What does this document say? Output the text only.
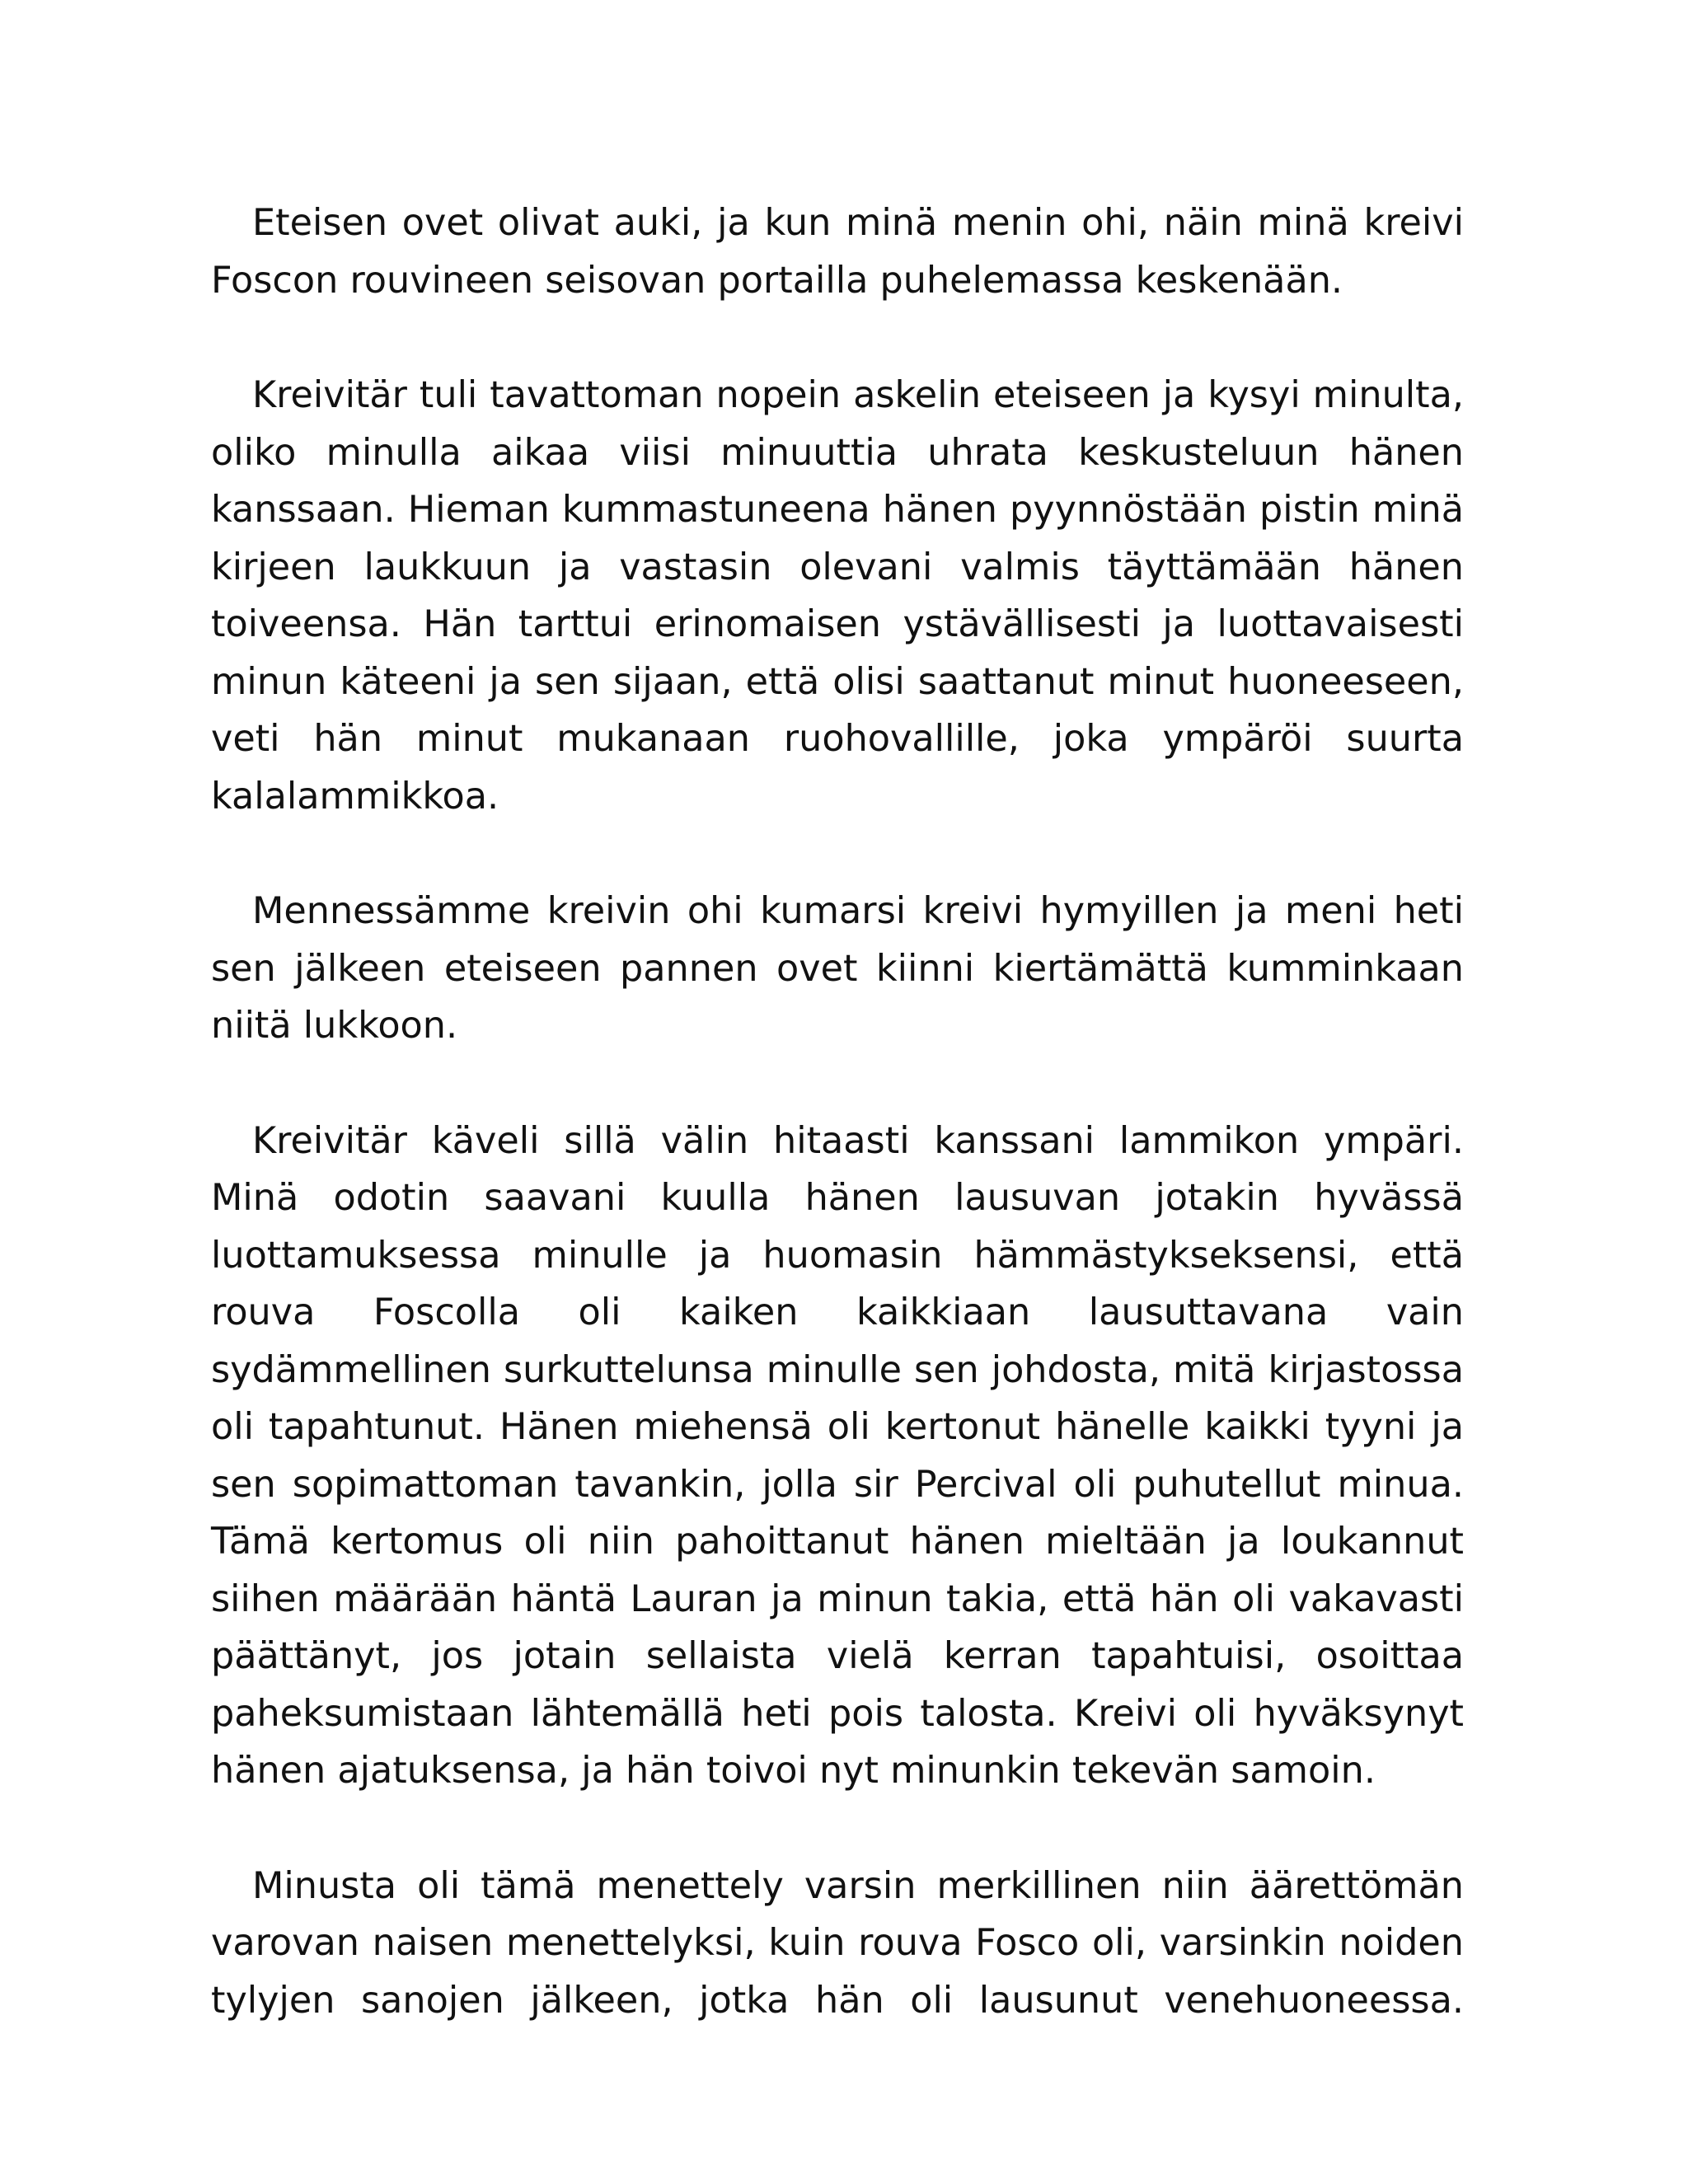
Eteisen ovet olivat auki, ja kun minä menin ohi, näin minä kreivi Foscon rouvineen seisovan portailla puhelemassa keskenään.

Kreivitär tuli tavattoman nopein askelin eteiseen ja kysyi minulta, oliko minulla aikaa viisi minuuttia uhrata keskusteluun hänen kanssaan. Hieman kummastuneena hänen pyynnöstään pistin minä kirjeen laukkuun ja vastasin olevani valmis täyttämään hänen toiveensa. Hän tarttui erinomaisen ystävällisesti ja luottavaisesti minun käteeni ja sen sijaan, että olisi saattanut minut huoneeseen, veti hän minut mukanaan ruohovallille, joka ympäröi suurta kalalammikkoa.

Mennessämme kreivin ohi kumarsi kreivi hymyillen ja meni heti sen jälkeen eteiseen pannen ovet kiinni kiertämättä kumminkaan niitä lukkoon.

Kreivitär käveli sillä välin hitaasti kanssani lammikon ympäri. Minä odotin saavani kuulla hänen lausuvan jotakin hyvässä luottamuksessa minulle ja huomasin hämmästykseksensi, että rouva Foscolla oli kaiken kaikkiaan lausuttavana vain sydämmellinen surkuttelunsa minulle sen johdosta, mitä kirjastossa oli tapahtunut. Hänen miehensä oli kertonut hänelle kaikki tyyni ja sen sopimattoman tavankin, jolla sir Percival oli puhutellut minua. Tämä kertomus oli niin pahoittanut hänen mieltään ja loukannut siihen määrään häntä Lauran ja minun takia, että hän oli vakavasti päättänyt, jos jotain sellaista vielä kerran tapahtuisi, osoittaa paheksumistaan lähtemällä heti pois talosta. Kreivi oli hyväksynyt hänen ajatuksensa, ja hän toivoi nyt minunkin tekevän samoin.

Minusta oli tämä menettely varsin merkillinen niin äärettömän varovan naisen menettelyksi, kuin rouva Fosco oli, varsinkin noiden tylyjen sanojen jälkeen, jotka hän oli lausunut venehuoneessa.
